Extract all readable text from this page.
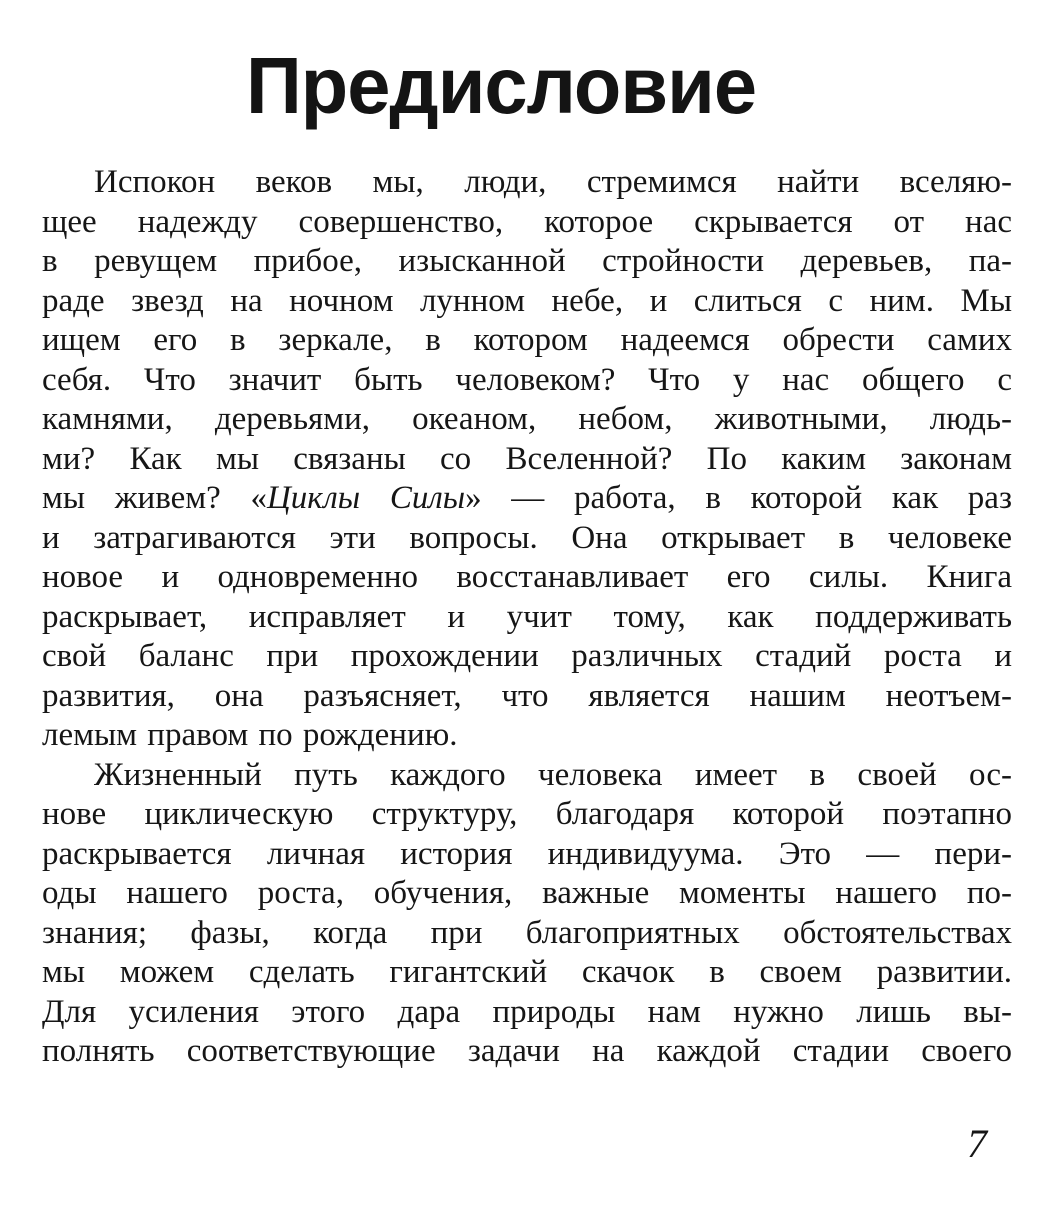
Предисловие
Испокон веков мы, люди, стремимся найти вселяю-
щее надежду совершенство, которое скрывается от нас
в ревущем прибое, изысканной стройности деревьев, па-
раде звезд на ночном лунном небе, и слиться с ним. Мы
ищем его в зеркале, в котором надеемся обрести самих
себя. Что значит быть человеком? Что у нас общего с
камнями, деревьями, океаном, небом, животными, людь-
ми? Как мы связаны со Вселенной? По каким законам
мы живем? «Циклы Силы» — работа, в которой как раз
и затрагиваются эти вопросы. Она открывает в человеке
новое и одновременно восстанавливает его силы. Книга
раскрывает, исправляет и учит тому, как поддерживать
свой баланс при прохождении различных стадий роста и
развития, она разъясняет, что является нашим неотъем-
лемым правом по рождению.
Жизненный путь каждого человека имеет в своей ос-
нове циклическую структуру, благодаря которой поэтапно
раскрывается личная история индивидуума. Это — пери-
оды нашего роста, обучения, важные моменты нашего по-
знания; фазы, когда при благоприятных обстоятельствах
мы можем сделать гигантский скачок в своем развитии.
Для усиления этого дара природы нам нужно лишь вы-
полнять соответствующие задачи на каждой стадии своего
7
